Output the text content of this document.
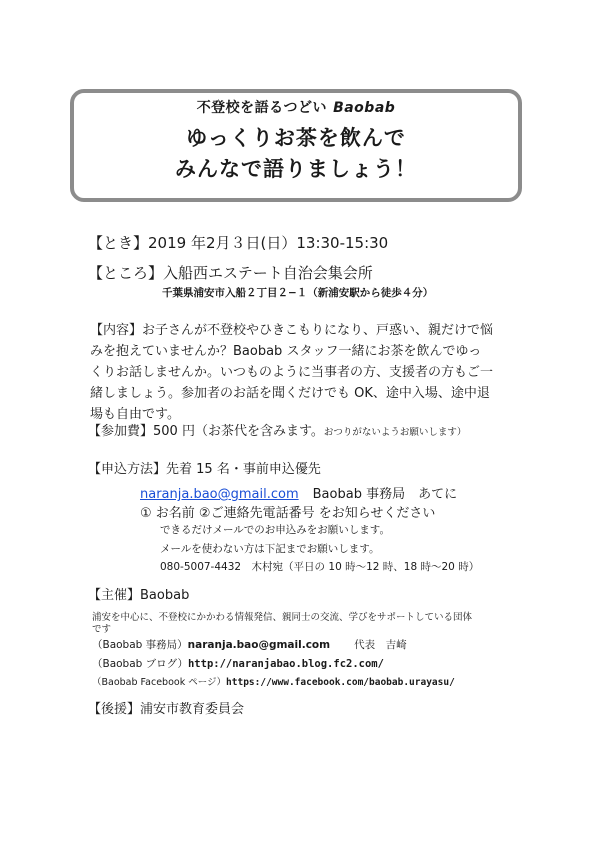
不登校を語るつどい Baobab
ゆっくりお茶を飲んで
みんなで語りましょう！
【とき】2019 年2月３日(日）13:30-15:30
【ところ】入船西エステート自治会集会所
千葉県浦安市入船２丁目２−１（新浦安駅から徒歩４分）
【内容】お子さんが不登校やひきこもりになり、戸惑い、親だけで悩
みを抱えていませんか？Baobab スタッフ一緒にお茶を飲んでゆっ
くりお話しませんか。いつものように当事者の方、支援者の方もご一
緒しましょう。参加者のお話を聞くだけでも OK、途中入場、途中退
場も自由です。
【参加費】500 円（お茶代を含みます。おつりがないようお願いします）
【申込方法】先着 15 名・事前申込優先
naranja.bao@gmail.com Baobab 事務局　あてに
① お名前 ②ご連絡先電話番号 をお知らせください
できるだけメールでのお申込みをお願いします。
メールを使わない方は下記までお願いします。
080-5007-4432　木村宛（平日の 10 時〜12 時、18 時〜20 時）
【主催】Baobab
浦安を中心に、不登校にかかわる情報発信、親同士の交流、学びをサポートしている団体
です
（Baobab 事務局）naranja.bao@gmail.com 代表　吉崎
（Baobab ブログ）http://naranjabao.blog.fc2.com/
（Baobab Facebook ページ）https://www.facebook.com/baobab.urayasu/
【後援】浦安市教育委員会
